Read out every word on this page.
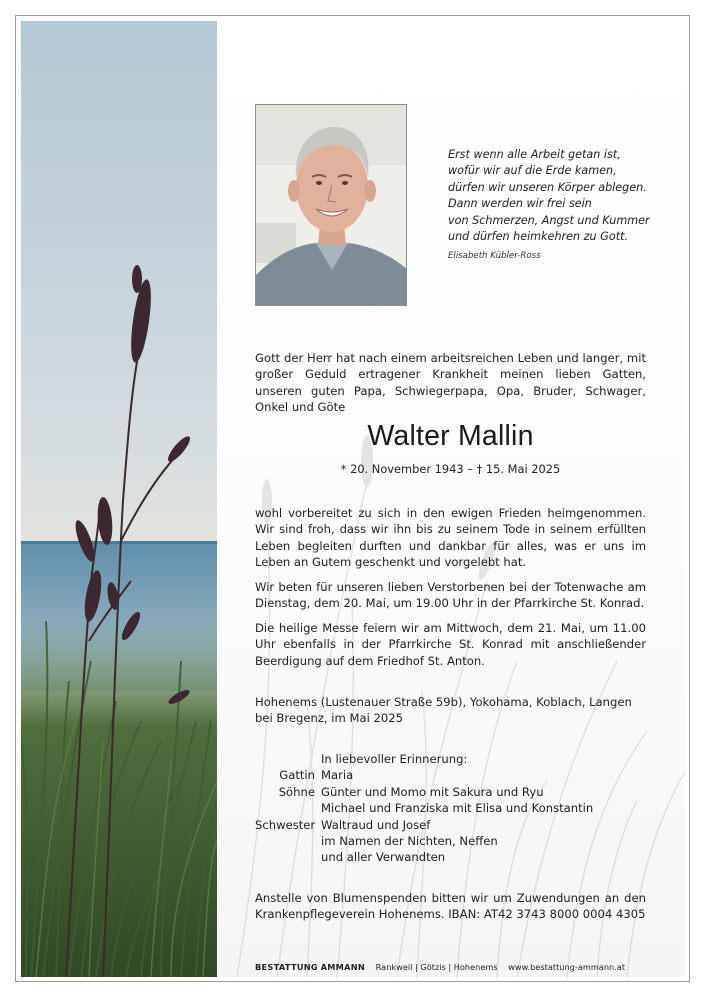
Erst wenn alle Arbeit getan ist,
wofür wir auf die Erde kamen,
dürfen wir unseren Körper ablegen.
Dann werden wir frei sein
von Schmerzen, Angst und Kummer
und dürfen heimkehren zu Gott.
Elisabeth Kübler-Ross
Gott der Herr hat nach einem arbeitsreichen Leben und langer, mit großer Geduld ertragener Krankheit meinen lieben Gatten, unseren guten Papa, Schwiegerpapa, Opa, Bruder, Schwager, Onkel und Göte
Walter Mallin
* 20. November 1943 – † 15. Mai 2025
wohl vorbereitet zu sich in den ewigen Frieden heimgenommen. Wir sind froh, dass wir ihn bis zu seinem Tode in seinem erfüllten Leben begleiten durften und dankbar für alles, was er uns im Leben an Gutem geschenkt und vorgelebt hat.
Wir beten für unseren lieben Verstorbenen bei der Totenwache am Dienstag, dem 20. Mai, um 19.00 Uhr in der Pfarrkirche St. Konrad.
Die heilige Messe feiern wir am Mittwoch, dem 21. Mai, um 11.00 Uhr ebenfalls in der Pfarrkirche St. Konrad mit anschließender Beerdigung auf dem Friedhof St. Anton.
Hohenems (Lustenauer Straße 59b), Yokohama, Koblach, Langen bei Bregenz, im Mai 2025
In liebevoller Erinnerung:
Gattin Maria
Söhne Günter und Momo mit Sakura und Ryu
Michael und Franziska mit Elisa und Konstantin
Schwester Waltraud und Josef
im Namen der Nichten, Neffen
und aller Verwandten
Anstelle von Blumenspenden bitten wir um Zuwendungen an den Krankenpflegeverein Hohenems. IBAN: AT42 3743 8000 0004 4305
BESTATTUNG AMMANN Rankweil | Götzis | Hohenems www.bestattung-ammann.at
